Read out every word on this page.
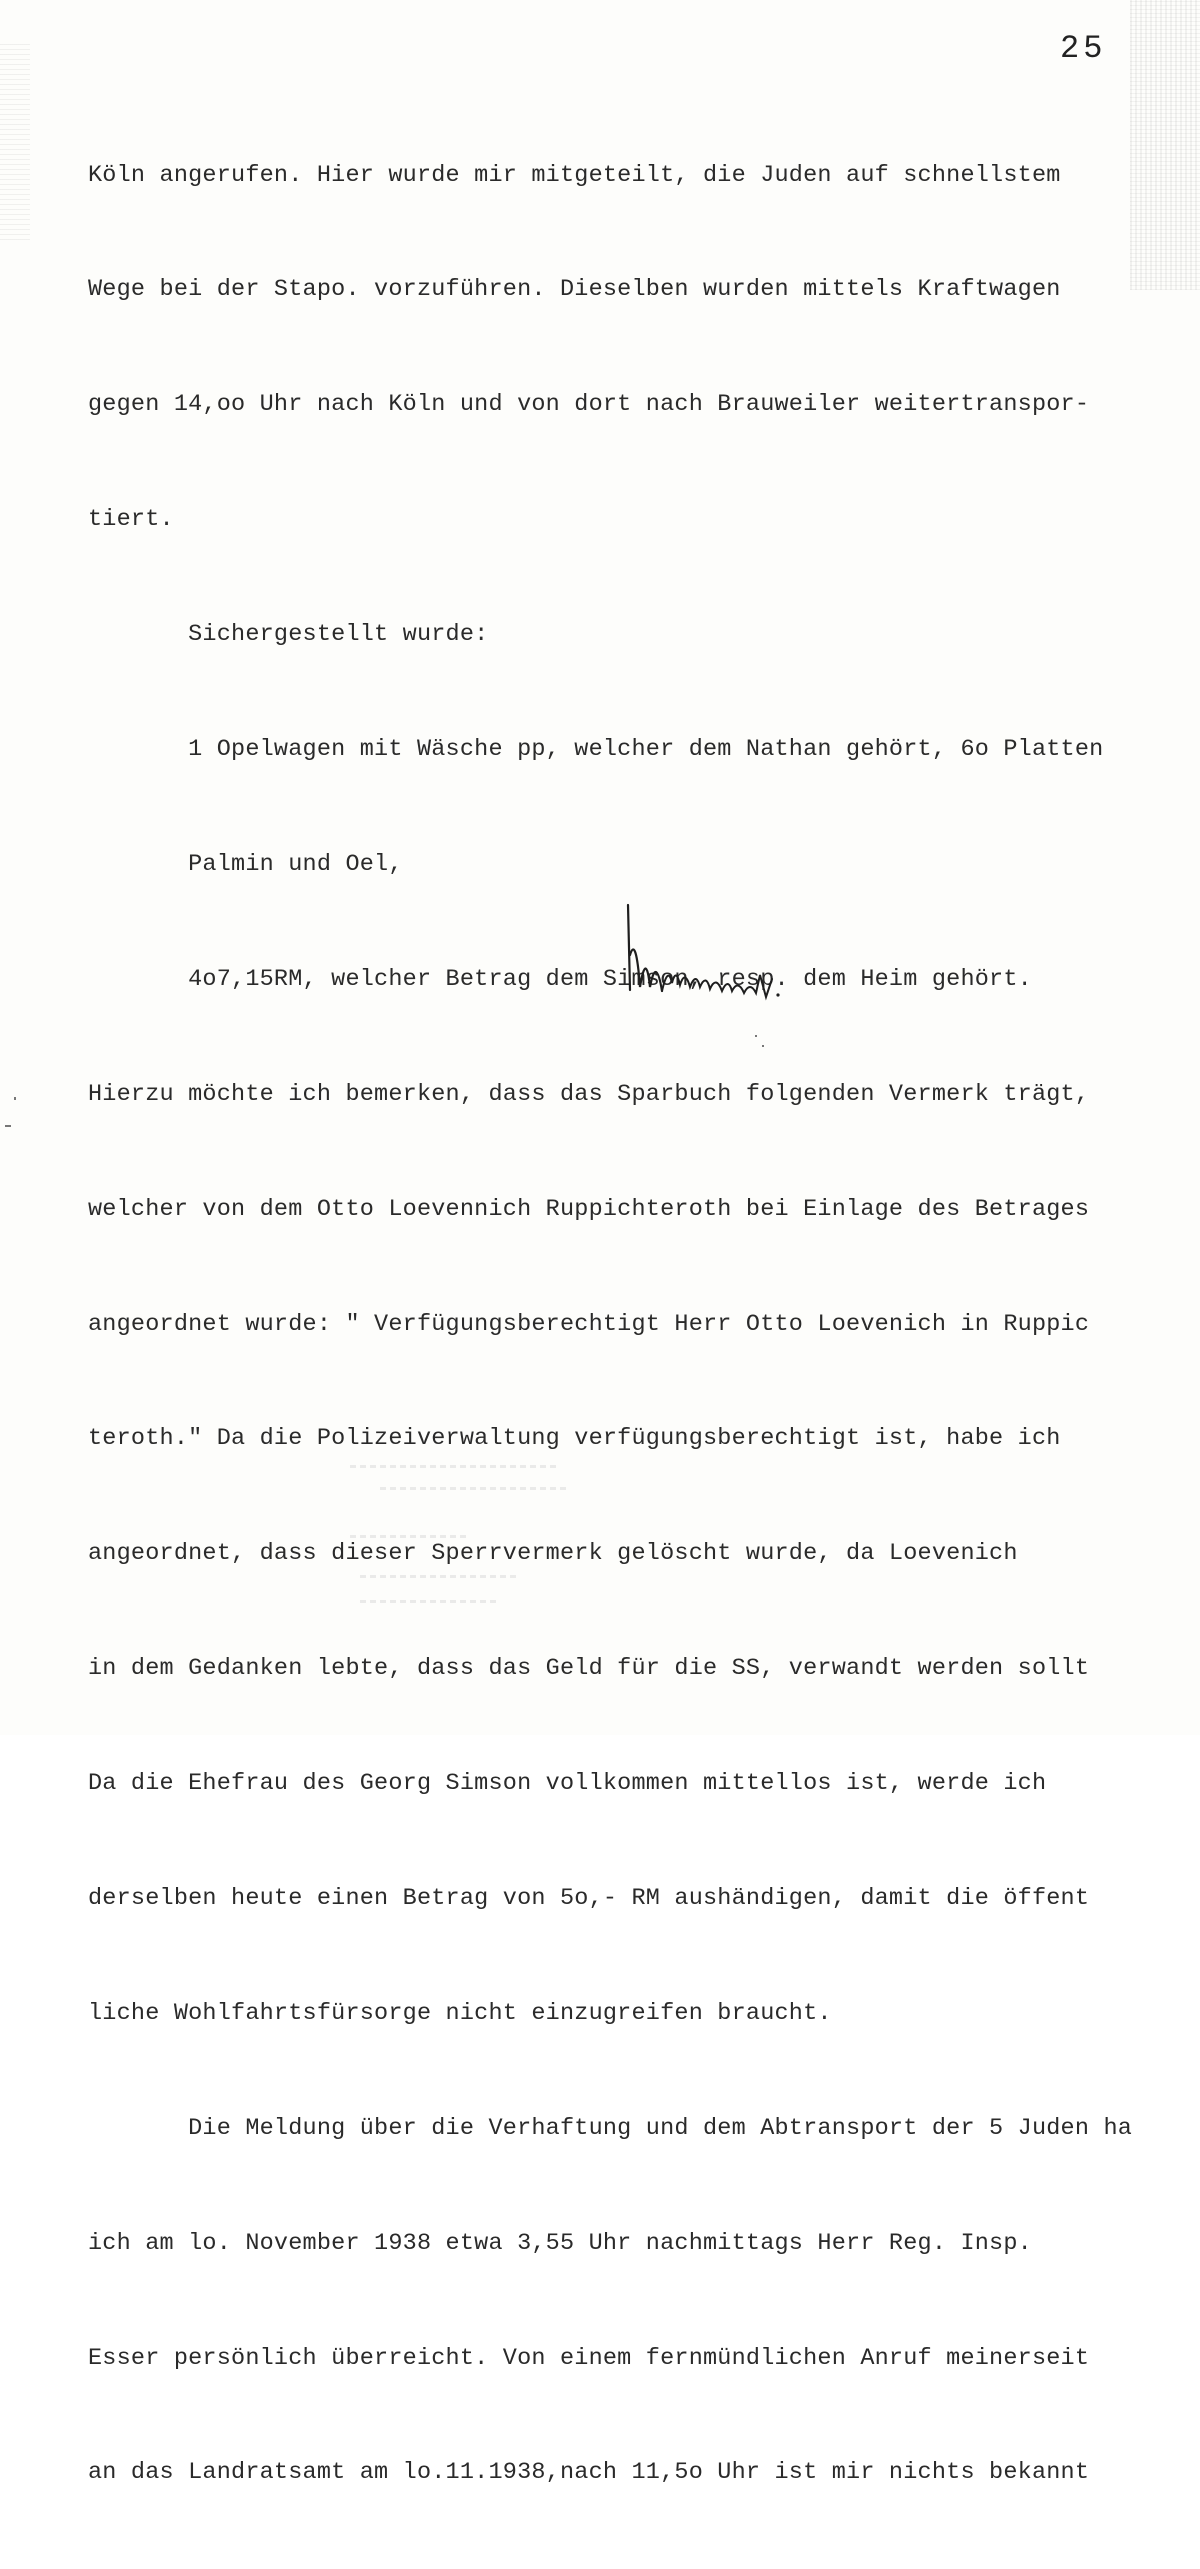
25

Köln angerufen. Hier wurde mir mitgeteilt, die Juden auf schnellstem

Wege bei der Stapo. vorzuführen. Dieselben wurden mittels Kraftwagen

gegen 14,oo Uhr nach Köln und von dort nach Brauweiler weitertranspor-

tiert.

Sichergestellt wurde:

1 Opelwagen mit Wäsche pp, welcher dem Nathan gehört, 6o Platten

Palmin und Oel,

4o7,15RM, welcher Betrag dem Simson, resp. dem Heim gehört.

Hierzu möchte ich bemerken, dass das Sparbuch folgenden Vermerk trägt,

welcher von dem Otto Loevennich Ruppichteroth bei Einlage des Betrages

angeordnet wurde: " Verfügungsberechtigt Herr Otto Loevenich in Ruppic

teroth." Da die Polizeiverwaltung verfügungsberechtigt ist, habe ich

angeordnet, dass dieser Sperrvermerk gelöscht wurde, da Loevenich

in dem Gedanken lebte, dass das Geld für die SS, verwandt werden sollt

Da die Ehefrau des Georg Simson vollkommen mittellos ist, werde ich

derselben heute einen Betrag von 5o,- RM aushändigen, damit die öffent

liche Wohlfahrtsfürsorge nicht einzugreifen braucht.

Die Meldung über die Verhaftung und dem Abtransport der 5 Juden ha

ich am lo. November 1938 etwa 3,55 Uhr nachmittags Herr Reg. Insp.

Esser persönlich überreicht. Von einem fernmündlichen Anruf meinerseit

an das Landratsamt am lo.11.1938,nach 11,5o Uhr ist mir nichts bekannt
